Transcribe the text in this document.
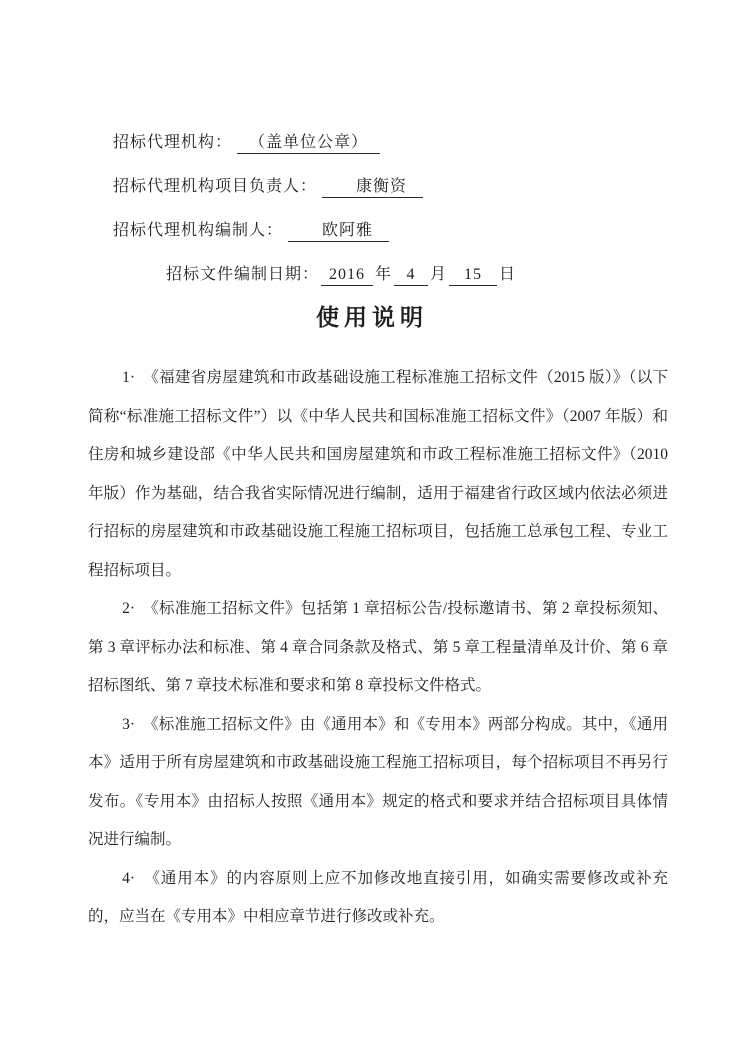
招标代理机构： （盖单位公章）
招标代理机构项目负责人： 康衡资
招标代理机构编制人： 欧阿雅
招标文件编制日期： 2016 年 4 月 15 日
使用说明

1·　《福建省房屋建筑和市政基础设施工程标准施工招标文件（2015 版）》（以下简称“标准施工招标文件”）以《中华人民共和国标准施工招标文件》（2007 年版）和住房和城乡建设部《中华人民共和国房屋建筑和市政工程标准施工招标文件》（2010 年版）作为基础，结合我省实际情况进行编制，适用于福建省行政区域内依法必须进行招标的房屋建筑和市政基础设施工程施工招标项目，包括施工总承包工程、专业工程招标项目。

2·　《标准施工招标文件》包括第 1 章招标公告/投标邀请书、第 2 章投标须知、第 3 章评标办法和标准、第 4 章合同条款及格式、第 5 章工程量清单及计价、第 6 章招标图纸、第 7 章技术标准和要求和第 8 章投标文件格式。

3·　《标准施工招标文件》由《通用本》和《专用本》两部分构成。其中，《通用本》适用于所有房屋建筑和市政基础设施工程施工招标项目，每个招标项目不再另行发布。《专用本》由招标人按照《通用本》规定的格式和要求并结合招标项目具体情况进行编制。

4·　《通用本》的内容原则上应不加修改地直接引用，如确实需要修改或补充的，应当在《专用本》中相应章节进行修改或补充。
